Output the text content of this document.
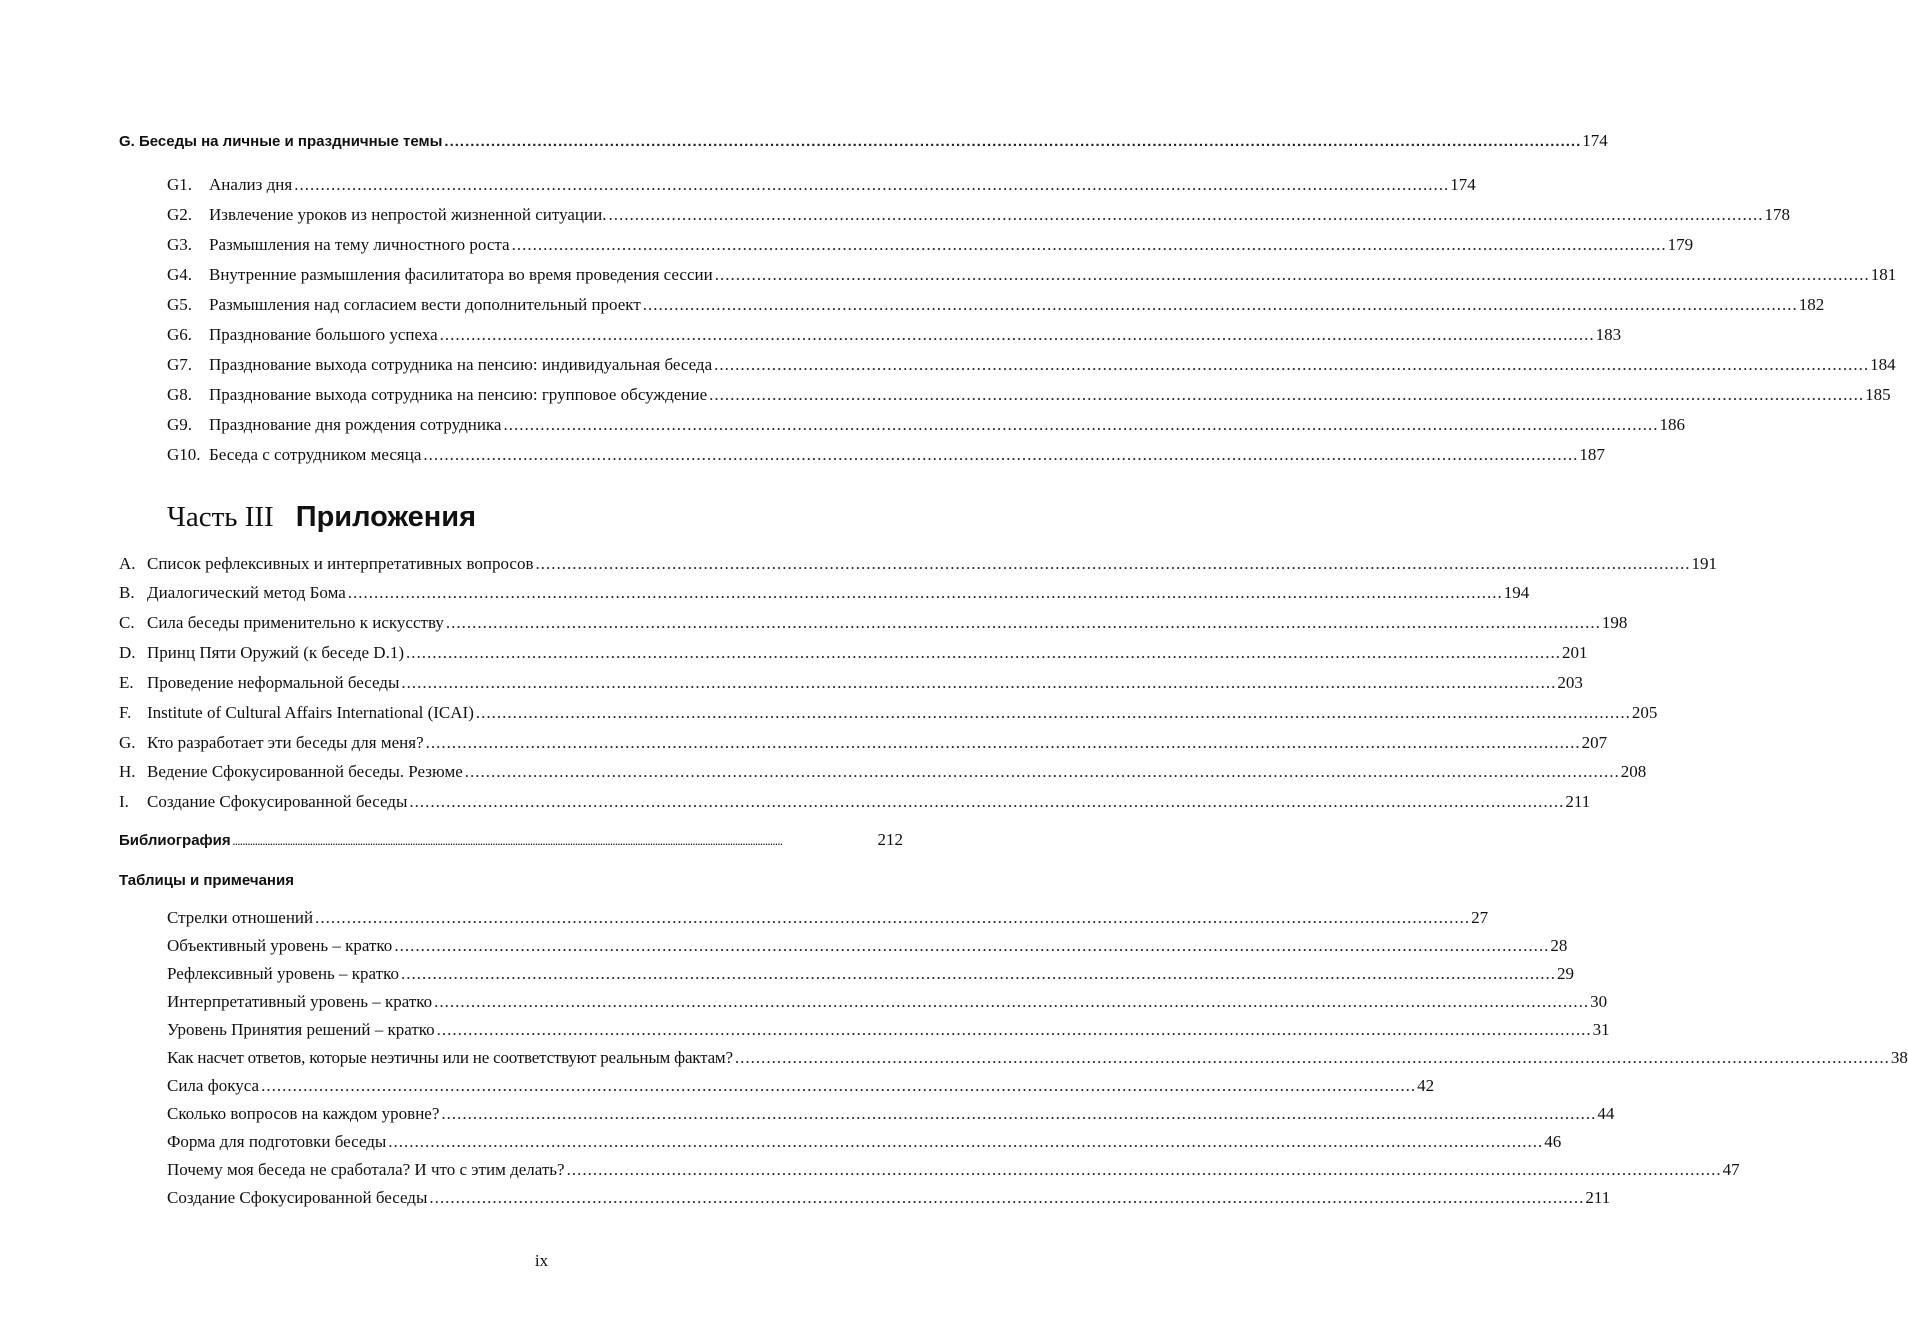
G. Беседы на личные и праздничные темы ............................................................................................................................................................................................................................ 174
G1. Анализ дня ............................................................................................................................................................................................................................ 174
G2. Извлечение уроков из непростой жизненной ситуации. ............................................................................................................................................................................................................................ 178
G3. Размышления на тему личностного роста ............................................................................................................................................................................................................................ 179
G4. Внутренние размышления фасилитатора во время проведения сессии ............................................................................................................................................................................................................................ 181
G5. Размышления над согласием вести дополнительный проект ............................................................................................................................................................................................................................ 182
G6. Празднование большого успеха ............................................................................................................................................................................................................................ 183
G7. Празднование выхода сотрудника на пенсию: индивидуальная беседа ............................................................................................................................................................................................................................ 184
G8. Празднование выхода сотрудника на пенсию: групповое обсуждение ............................................................................................................................................................................................................................ 185
G9. Празднование дня рождения сотрудника ............................................................................................................................................................................................................................ 186
G10. Беседа с сотрудником месяца ............................................................................................................................................................................................................................ 187
Часть III Приложения
A. Список рефлексивных и интерпретативных вопросов ............................................................................................................................................................................................................................ 191
B. Диалогический метод Бома ............................................................................................................................................................................................................................ 194
C. Сила беседы применительно к искусству ............................................................................................................................................................................................................................ 198
D. Принц Пяти Оружий (к беседе D.1) ............................................................................................................................................................................................................................ 201
E. Проведение неформальной беседы ............................................................................................................................................................................................................................ 203
F. Institute of Cultural Affairs International (ICAI) ............................................................................................................................................................................................................................ 205
G. Кто разработает эти беседы для меня? ............................................................................................................................................................................................................................ 207
H. Ведение Сфокусированной беседы. Резюме ............................................................................................................................................................................................................................ 208
I.	Создание Сфокусированной беседы ............................................................................................................................................................................................................................ 211
Библиография ............................................................................................................................................................................................................................	212
Таблицы и примечания
Стрелки отношений ............................................................................................................................................................................................................................ 27
Объективный уровень – кратко ............................................................................................................................................................................................................................ 28
Рефлексивный уровень – кратко ............................................................................................................................................................................................................................ 29
Интерпретативный уровень – кратко ............................................................................................................................................................................................................................ 30
Уровень Принятия решений – кратко ............................................................................................................................................................................................................................ 31
Как насчет ответов, которые неэтичны или не соответствуют реальным фактам? ............................................................................................................................................................................................................................ 38
Сила фокуса ............................................................................................................................................................................................................................ 42
Сколько вопросов на каждом уровне? ............................................................................................................................................................................................................................ 44
Форма для подготовки беседы ............................................................................................................................................................................................................................ 46
Почему моя беседа не сработала? И что с этим делать? ............................................................................................................................................................................................................................ 47
Создание Сфокусированной беседы ............................................................................................................................................................................................................................ 211
ix
